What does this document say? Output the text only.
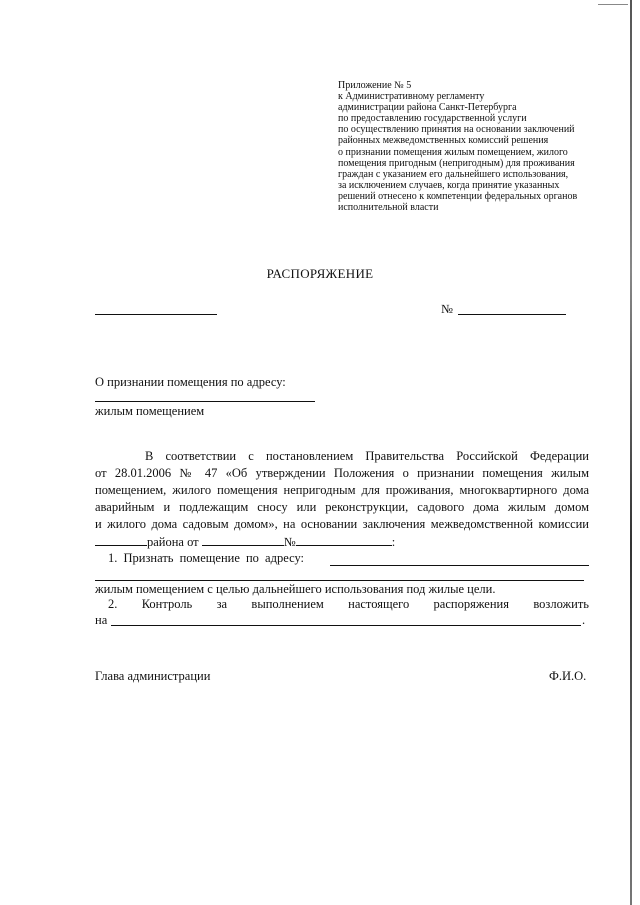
Приложение № 5
к Административному регламенту
администрации района Санкт-Петербурга
по предоставлению государственной услуги
по осуществлению принятия на основании заключений
районных межведомственных комиссий решения
о признании помещения жилым помещением, жилого
помещения пригодным (непригодным) для проживания
граждан с указанием его дальнейшего использования,
за исключением случаев, когда принятие указанных
решений отнесено к компетенции федеральных органов
исполнительной власти
РАСПОРЯЖЕНИЕ
№
О признании помещения по адресу:
жилым помещением
В соответствии с постановлением Правительства Российской Федерации
от 28.01.2006 № 47 «Об утверждении Положения о признании помещения жилым
помещением, жилого помещения непригодным для проживания, многоквартирного дома
аварийным и подлежащим сносу или реконструкции, садового дома жилым домом
и жилого дома садовым домом», на основании заключения межведомственной комиссии
района от	№	:
1. Признать помещение по адресу:
жилым помещением с целью дальнейшего использования под жилые цели.
2. Контроль за выполнением настоящего распоряжения возложить
на	.
Глава администрации	Ф.И.О.
